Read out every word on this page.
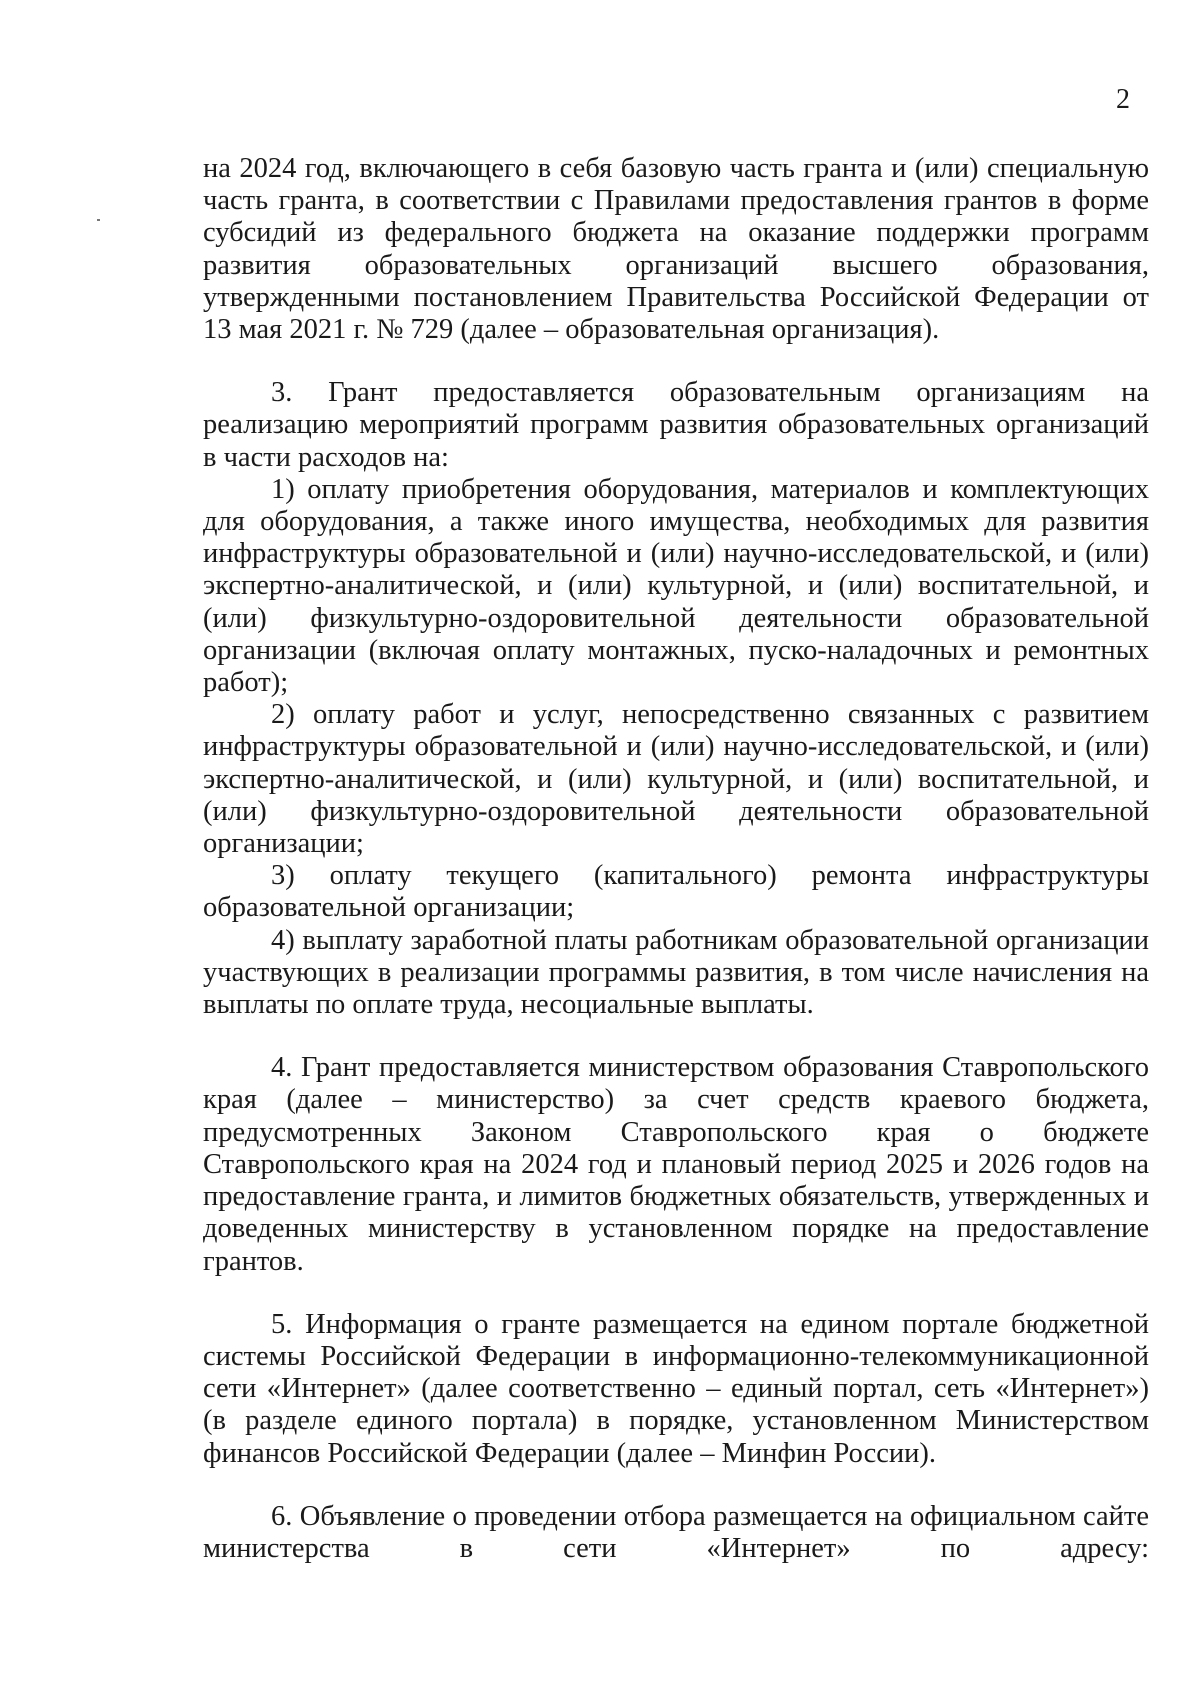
2

на 2024 год, включающего в себя базовую часть гранта и (или) специальную часть гранта, в соответствии с Правилами предоставления грантов в форме субсидий из федерального бюджета на оказание поддержки программ развития образовательных организаций высшего образования, утвержденными постановлением Правительства Российской Федерации от 13 мая 2021 г. № 729 (далее – образовательная организация).

3. Грант предоставляется образовательным организациям на реализацию мероприятий программ развития образовательных организаций в части расходов на:

1) оплату приобретения оборудования, материалов и комплектующих для оборудования, а также иного имущества, необходимых для развития инфраструктуры образовательной и (или) научно-исследовательской, и (или) экспертно-аналитической, и (или) культурной, и (или) воспитательной, и (или) физкультурно-оздоровительной деятельности образовательной организации (включая оплату монтажных, пуско-наладочных и ремонтных работ);

2) оплату работ и услуг, непосредственно связанных с развитием инфраструктуры образовательной и (или) научно-исследовательской, и (или) экспертно-аналитической, и (или) культурной, и (или) воспитательной, и (или) физкультурно-оздоровительной деятельности образовательной организации;

3) оплату текущего (капитального) ремонта инфраструктуры образовательной организации;

4) выплату заработной платы работникам образовательной организации участвующих в реализации программы развития, в том числе начисления на выплаты по оплате труда, несоциальные выплаты.

4. Грант предоставляется министерством образования Ставропольского края (далее – министерство) за счет средств краевого бюджета, предусмотренных Законом Ставропольского края о бюджете Ставропольского края на 2024 год и плановый период 2025 и 2026 годов на предоставление гранта, и лимитов бюджетных обязательств, утвержденных и доведенных министерству в установленном порядке на предоставление грантов.

5. Информация о гранте размещается на едином портале бюджетной системы Российской Федерации в информационно-телекоммуникационной сети «Интернет» (далее соответственно – единый портал, сеть «Интернет») (в разделе единого портала) в порядке, установленном Министерством финансов Российской Федерации (далее – Минфин России).

6. Объявление о проведении отбора размещается на официальном сайте министерства в сети «Интернет» по адресу:
